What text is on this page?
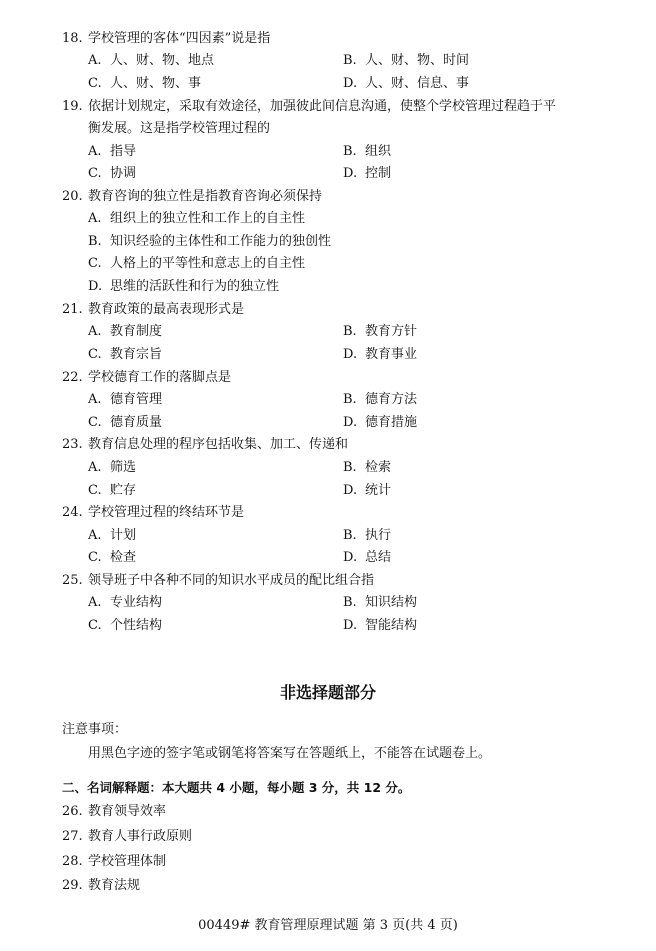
18. 学校管理的客体“四因素”说是指
A. 人、财、物、地点	B. 人、财、物、时间
C. 人、财、物、事	D. 人、财、信息、事
19. 依据计划规定，采取有效途径，加强彼此间信息沟通，使整个学校管理过程趋于平
衡发展。这是指学校管理过程的
A. 指导	B. 组织
C. 协调	D. 控制
20. 教育咨询的独立性是指教育咨询必须保持
A. 组织上的独立性和工作上的自主性
B. 知识经验的主体性和工作能力的独创性
C. 人格上的平等性和意志上的自主性
D. 思维的活跃性和行为的独立性
21. 教育政策的最高表现形式是
A. 教育制度	B. 教育方针
C. 教育宗旨	D. 教育事业
22. 学校德育工作的落脚点是
A. 德育管理	B. 德育方法
C. 德育质量	D. 德育措施
23. 教育信息处理的程序包括收集、加工、传递和
A. 筛选	B. 检索
C. 贮存	D. 统计
24. 学校管理过程的终结环节是
A. 计划	B. 执行
C. 检查	D. 总结
25. 领导班子中各种不同的知识水平成员的配比组合指
A. 专业结构	B. 知识结构
C. 个性结构	D. 智能结构
非选择题部分
注意事项：
用黑色字迹的签字笔或钢笔将答案写在答题纸上，不能答在试题卷上。
二、名词解释题：本大题共 4 小题，每小题 3 分，共 12 分。
26. 教育领导效率
27. 教育人事行政原则
28. 学校管理体制
29. 教育法规
00449# 教育管理原理试题 第 3 页(共 4 页)
